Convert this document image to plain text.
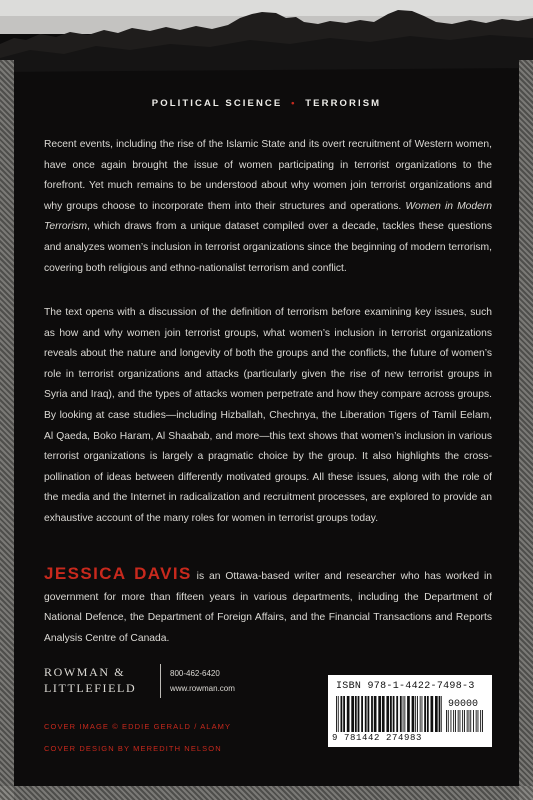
POLITICAL SCIENCE • TERRORISM

Recent events, including the rise of the Islamic State and its overt recruitment of Western women, have once again brought the issue of women participating in terrorist organizations to the forefront. Yet much remains to be understood about why women join terrorist organizations and why groups choose to incorporate them into their structures and operations. Women in Modern Terrorism, which draws from a unique dataset compiled over a decade, tackles these questions and analyzes women’s inclusion in terrorist organizations since the beginning of modern terrorism, covering both religious and ethno-nationalist terrorism and conflict.

The text opens with a discussion of the definition of terrorism before examining key issues, such as how and why women join terrorist groups, what women’s inclusion in terrorist organizations reveals about the nature and longevity of both the groups and the conflicts, the future of women’s role in terrorist organizations and attacks (particularly given the rise of new terrorist groups in Syria and Iraq), and the types of attacks women perpetrate and how they compare across groups. By looking at case studies—including Hizballah, Chechnya, the Liberation Tigers of Tamil Eelam, Al Qaeda, Boko Haram, Al Shaabab, and more—this text shows that women’s inclusion in various terrorist organizations is largely a pragmatic choice by the group. It also highlights the cross-pollination of ideas between differently motivated groups. All these issues, along with the role of the media and the Internet in radicalization and recruitment processes, are explored to provide an exhaustive account of the many roles for women in terrorist groups today.

JESSICA DAVIS is an Ottawa-based writer and researcher who has worked in government for more than fifteen years in various departments, including the Department of National Defence, the Department of Foreign Affairs, and the Financial Transactions and Reports Analysis Centre of Canada.

ROWMAN &
LITTLEFIELD
800-462-6420
www.rowman.com
COVER IMAGE © EDDIE GERALD / ALAMY
COVER DESIGN BY MEREDITH NELSON
ISBN 978-1-4422-7498-3
90000
9 781442 274983
